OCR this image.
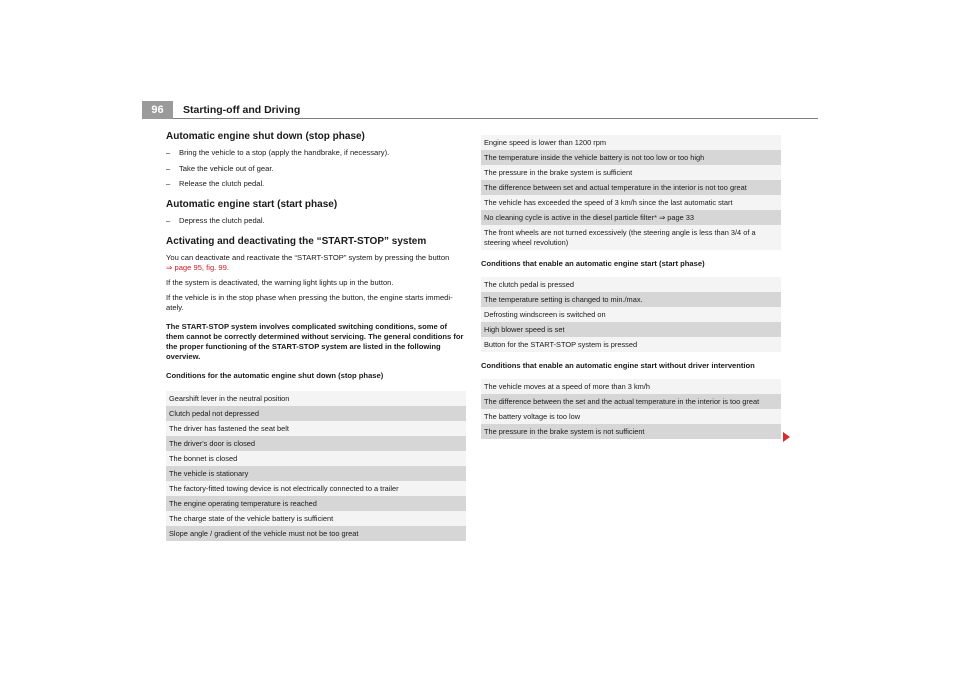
96	Starting-off and Driving
Automatic engine shut down (stop phase)
– Bring the vehicle to a stop (apply the handbrake, if necessary).
– Take the vehicle out of gear.
– Release the clutch pedal.
Automatic engine start (start phase)
– Depress the clutch pedal.
Activating and deactivating the “START-STOP” system

You can deactivate and reactivate the “START-STOP” system by pressing the button
⇒ page 95, fig. 99.

If the system is deactivated, the warning light lights up in the button.

If the vehicle is in the stop phase when pressing the button, the engine starts immedi-ately.

The START-STOP system involves complicated switching conditions, some of them cannot be correctly determined without servicing. The general conditions for the proper functioning of the START-STOP system are listed in the following overview.

Conditions for the automatic engine shut down (stop phase)

Gearshift lever in the neutral position
Clutch pedal not depressed
The driver has fastened the seat belt
The driver's door is closed
The bonnet is closed
The vehicle is stationary
The factory-fitted towing device is not electrically connected to a trailer
The engine operating temperature is reached
The charge state of the vehicle battery is sufficient
Slope angle / gradient of the vehicle must not be too great
Engine speed is lower than 1200 rpm
The temperature inside the vehicle battery is not too low or too high
The pressure in the brake system is sufficient
The difference between set and actual temperature in the interior is not too great
The vehicle has exceeded the speed of 3 km/h since the last automatic start
No cleaning cycle is active in the diesel particle filter* ⇒ page 33
The front wheels are not turned excessively (the steering angle is less than 3/4 of a steering wheel revolution)

Conditions that enable an automatic engine start (start phase)

The clutch pedal is pressed
The temperature setting is changed to min./max.
Defrosting windscreen is switched on
High blower speed is set
Button for the START-STOP system is pressed

Conditions that enable an automatic engine start without driver intervention

The vehicle moves at a speed of more than 3 km/h
The difference between the set and the actual temperature in the interior is too great
The battery voltage is too low
The pressure in the brake system is not sufficient
